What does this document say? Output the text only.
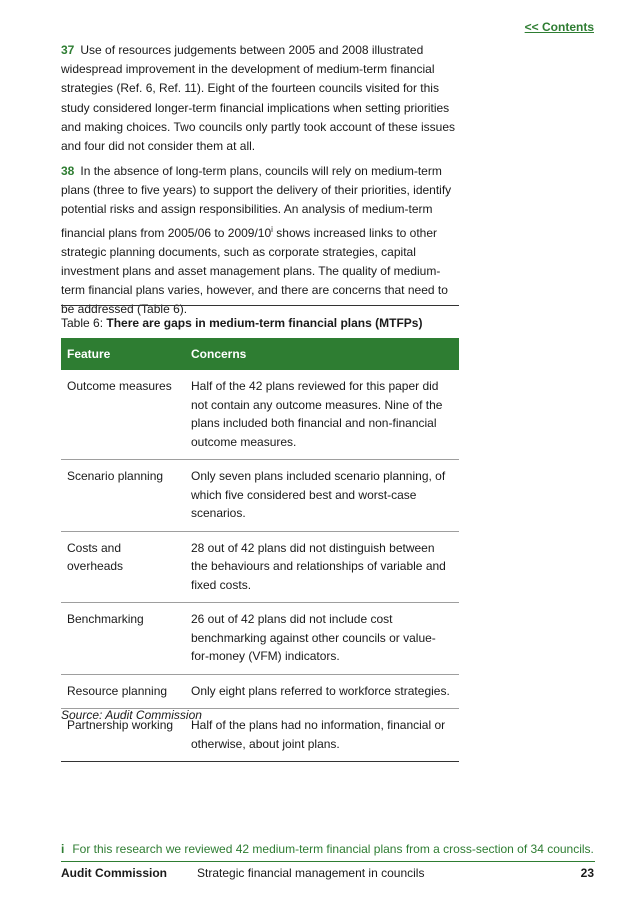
<< Contents
37 Use of resources judgements between 2005 and 2008 illustrated widespread improvement in the development of medium-term financial strategies (Ref. 6, Ref. 11). Eight of the fourteen councils visited for this study considered longer-term financial implications when setting priorities and making choices. Two councils only partly took account of these issues and four did not consider them at all.
38 In the absence of long-term plans, councils will rely on medium-term plans (three to five years) to support the delivery of their priorities, identify potential risks and assign responsibilities. An analysis of medium-term financial plans from 2005/06 to 2009/10$^i$ shows increased links to other strategic planning documents, such as corporate strategies, capital investment plans and asset management plans. The quality of medium-term financial plans varies, however, and there are concerns that need to be addressed (Table 6).
Table 6: There are gaps in medium-term financial plans (MTFPs)
Feature	Concerns
Outcome measures	Half of the 42 plans reviewed for this paper did not contain any outcome measures. Nine of the plans included both financial and non-financial outcome measures.
Scenario planning	Only seven plans included scenario planning, of which five considered best and worst-case scenarios.
Costs and overheads	28 out of 42 plans did not distinguish between the behaviours and relationships of variable and fixed costs.
Benchmarking	26 out of 42 plans did not include cost benchmarking against other councils or value-for-money (VFM) indicators.
Resource planning	Only eight plans referred to workforce strategies.
Partnership working	Half of the plans had no information, financial or otherwise, about joint plans.
Source: Audit Commission
i For this research we reviewed 42 medium-term financial plans from a cross-section of 34 councils.
Audit Commission Strategic financial management in councils	23
